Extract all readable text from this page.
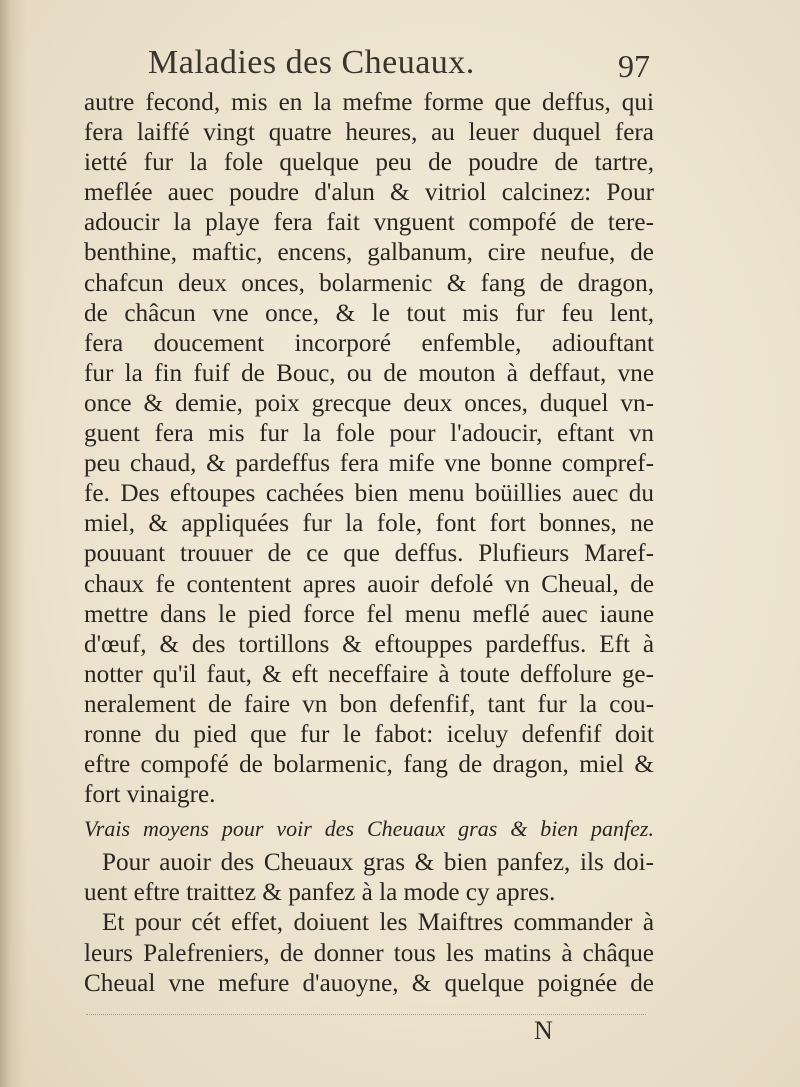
Maladies des Cheuaux.	97
autre fecond, mis en la mefme forme que deffus, qui
fera laiffé vingt quatre heures, au leuer duquel fera
ietté fur la fole quelque peu de poudre de tartre,
meflée auec poudre d'alun & vitriol calcinez: Pour
adoucir la playe fera fait vnguent compofé de tere-
benthine, maftic, encens, galbanum, cire neufue, de
chafcun deux onces, bolarmenic & fang de dragon,
de châcun vne once, & le tout mis fur feu lent,
fera doucement incorporé enfemble, adiouftant
fur la fin fuif de Bouc, ou de mouton à deffaut, vne
once & demie, poix grecque deux onces, duquel vn-
guent fera mis fur la fole pour l'adoucir, eftant vn
peu chaud, & pardeffus fera mife vne bonne compref-
fe. Des eftoupes cachées bien menu boüillies auec du
miel, & appliquées fur la fole, font fort bonnes, ne
pouuant trouuer de ce que deffus. Plufieurs Maref-
chaux fe contentent apres auoir defolé vn Cheual, de
mettre dans le pied force fel menu meflé auec iaune
d'œuf, & des tortillons & eftouppes pardeffus. Eft à
notter qu'il faut, & eft neceffaire à toute deffolure ge-
neralement de faire vn bon defenfif, tant fur la cou-
ronne du pied que fur le fabot: iceluy defenfif doit
eftre compofé de bolarmenic, fang de dragon, miel &
fort vinaigre.
Vrais moyens pour voir des Cheuaux gras & bien panfez.
Pour auoir des Cheuaux gras & bien panfez, ils doi-
uent eftre traittez & panfez à la mode cy apres.
Et pour cét effet, doiuent les Maiftres commander à
leurs Palefreniers, de donner tous les matins à châque
Cheual vne mefure d'auoyne, & quelque poignée de
N
